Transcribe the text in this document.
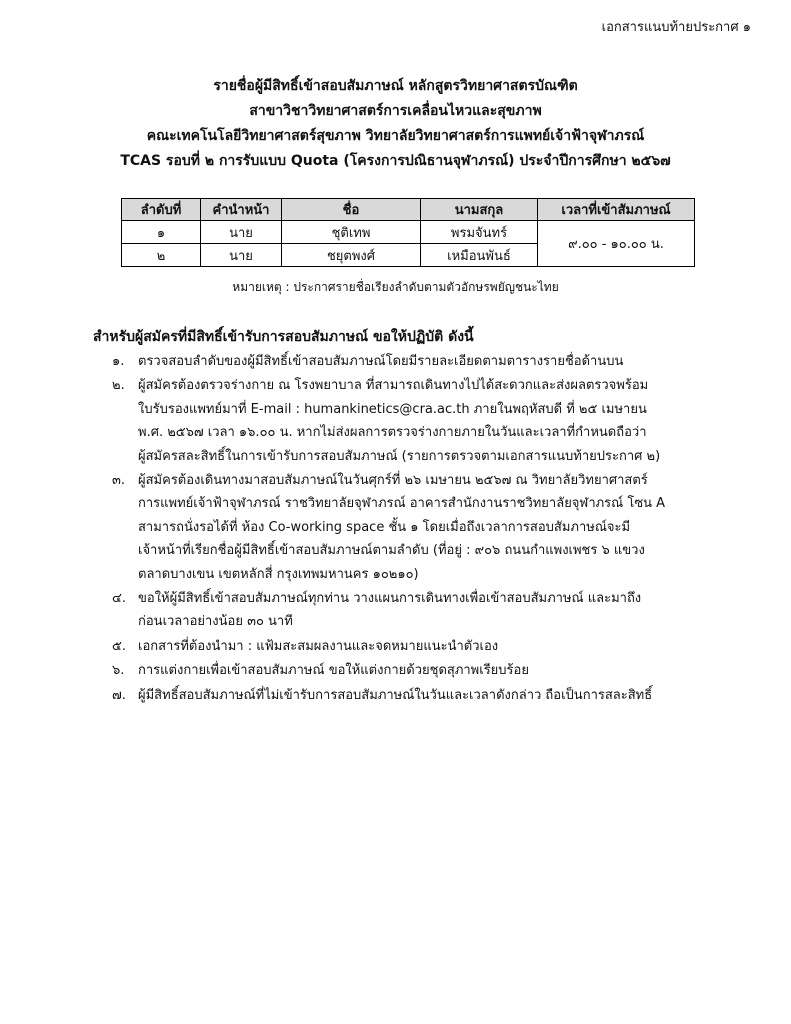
เอกสารแนบท้ายประกาศ ๑
รายชื่อผู้มีสิทธิ์เข้าสอบสัมภาษณ์ หลักสูตรวิทยาศาสตรบัณฑิต
สาขาวิชาวิทยาศาสตร์การเคลื่อนไหวและสุขภาพ
คณะเทคโนโลยีวิทยาศาสตร์สุขภาพ วิทยาลัยวิทยาศาสตร์การแพทย์เจ้าฟ้าจุฬาภรณ์
TCAS รอบที่ ๒ การรับแบบ Quota (โครงการปณิธานจุฬาภรณ์) ประจำปีการศึกษา ๒๕๖๗
ลำดับที่	คำนำหน้า	ชื่อ	นามสกุล	เวลาที่เข้าสัมภาษณ์
๑	นาย	ชุติเทพ	พรมจันทร์	๙.๐๐ - ๑๐.๐๐ น.
๒	นาย	ชยุตพงศ์	เหมือนพันธ์	
หมายเหตุ : ประกาศรายชื่อเรียงลำดับตามตัวอักษรพยัญชนะไทย
สำหรับผู้สมัครที่มีสิทธิ์เข้ารับการสอบสัมภาษณ์ ขอให้ปฏิบัติ ดังนี้
๑.	ตรวจสอบลำดับของผู้มีสิทธิ์เข้าสอบสัมภาษณ์โดยมีรายละเอียดตามตารางรายชื่อด้านบน
๒.	ผู้สมัครต้องตรวจร่างกาย ณ โรงพยาบาล ที่สามารถเดินทางไปได้สะดวกและส่งผลตรวจพร้อม
ใบรับรองแพทย์มาที่ E-mail : humankinetics@cra.ac.th ภายในพฤหัสบดี ที่ ๒๕ เมษายน
พ.ศ. ๒๕๖๗ เวลา ๑๖.๐๐ น. หากไม่ส่งผลการตรวจร่างกายภายในวันและเวลาที่กำหนดถือว่า
ผู้สมัครสละสิทธิ์ในการเข้ารับการสอบสัมภาษณ์ (รายการตรวจตามเอกสารแนบท้ายประกาศ ๒)
๓. ผู้สมัครต้องเดินทางมาสอบสัมภาษณ์ในวันศุกร์ที่ ๒๖ เมษายน ๒๕๖๗ ณ วิทยาลัยวิทยาศาสตร์
การแพทย์เจ้าฟ้าจุฬาภรณ์ ราชวิทยาลัยจุฬาภรณ์ อาคารสำนักงานราชวิทยาลัยจุฬาภรณ์ โซน A
สามารถนั่งรอได้ที่ ห้อง Co-working space ชั้น ๑ โดยเมื่อถึงเวลาการสอบสัมภาษณ์จะมี
เจ้าหน้าที่เรียกชื่อผู้มีสิทธิ์เข้าสอบสัมภาษณ์ตามลำดับ (ที่อยู่ : ๙๐๖ ถนนกำแพงเพชร ๖ แขวง
ตลาดบางเขน เขตหลักสี่ กรุงเทพมหานคร ๑๐๒๑๐)
๔. ขอให้ผู้มีสิทธิ์เข้าสอบสัมภาษณ์ทุกท่าน วางแผนการเดินทางเพื่อเข้าสอบสัมภาษณ์ และมาถึง
ก่อนเวลาอย่างน้อย ๓๐ นาที
๕. เอกสารที่ต้องนำมา : แฟ้มสะสมผลงานและจดหมายแนะนำตัวเอง
๖.	การแต่งกายเพื่อเข้าสอบสัมภาษณ์ ขอให้แต่งกายด้วยชุดสุภาพเรียบร้อย
๗. ผู้มีสิทธิ์สอบสัมภาษณ์ที่ไม่เข้ารับการสอบสัมภาษณ์ในวันและเวลาดังกล่าว ถือเป็นการสละสิทธิ์
